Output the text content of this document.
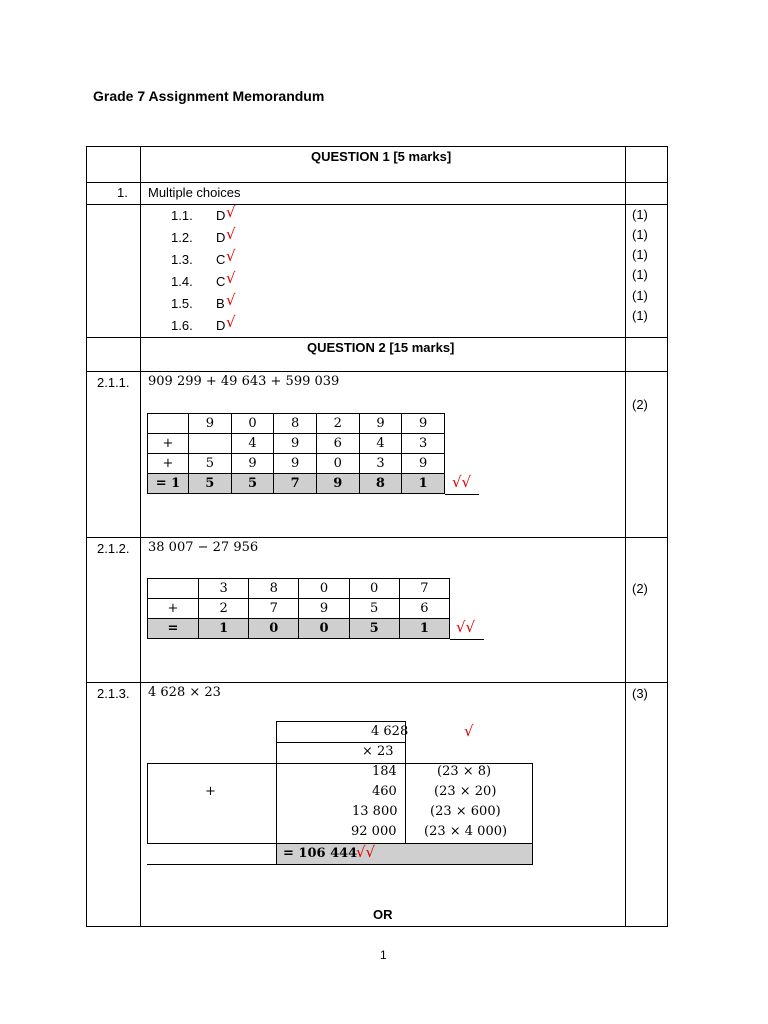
Grade 7 Assignment Memorandum
QUESTION 1 [5 marks]
1. Multiple choices
1.1. D √	(1)
1.2. D √	(1)
1.3. C √	(1)
1.4. C √	(1)
1.5. B √	(1)
1.6. D √	(1)
QUESTION 2 [15 marks]
2.1.1. 909 299 + 49 643 + 599 039
(2)
	9	0	8	2	9	9
+		4	9	6	4	3
+	5	9	9	0	3	9
= 1	5	5	7	9	8	1 √√
2.1.2. 38 007 − 27 956
(2)
	3	8	0	0	7
+	2	7	9	5	6
=	1	0	0	5	1 √√
2.1.3. 4 628 × 23	(3)
4 628	√
× 23
+
184	(23 × 8)
460	(23 × 20)
13 800	(23 × 600)
92 000 (23 × 4 000)
= 106 444
√√
OR
1
